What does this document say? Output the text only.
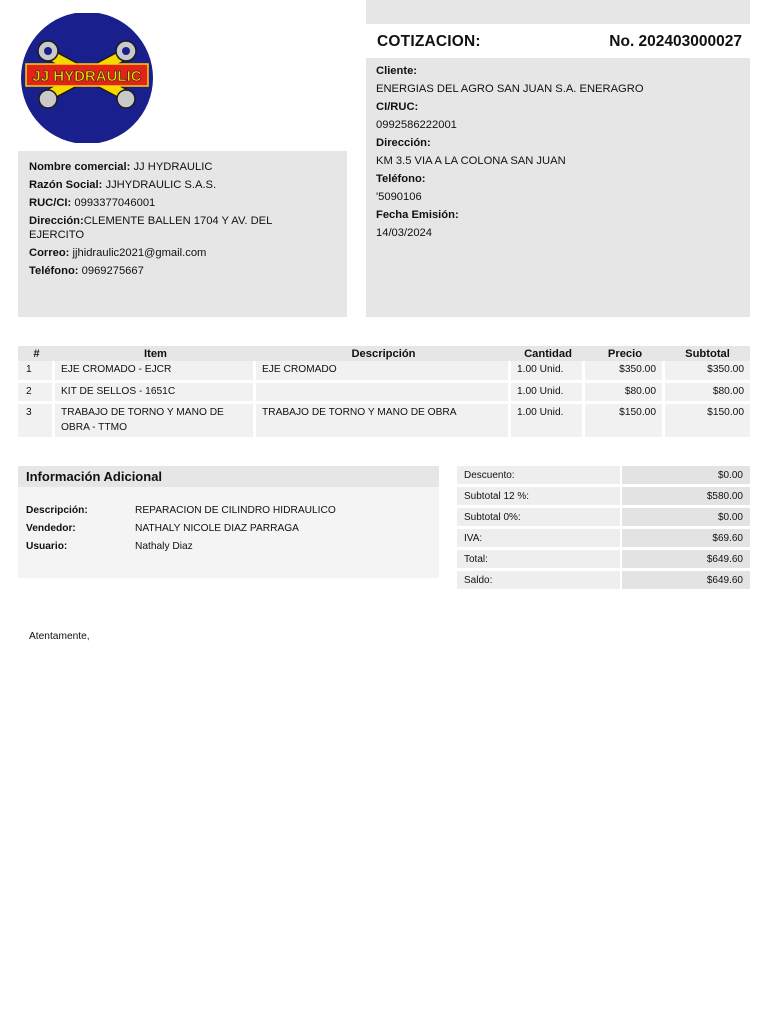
JJ HYDRAULIC
Nombre comercial: JJ HYDRAULIC
Razón Social: JJHYDRAULIC S.A.S.
RUC/CI: 0993377046001
Dirección:CLEMENTE BALLEN 1704 Y AV. DEL EJERCITO
Correo: jjhidraulic2021@gmail.com
Teléfono: 0969275667
COTIZACION:	No. 202403000027
Cliente:
ENERGIAS DEL AGRO SAN JUAN S.A. ENERAGRO
CI/RUC:
0992586222001
Dirección:
KM 3.5 VIA A LA COLONA SAN JUAN
Teléfono:
'5090106
Fecha Emisión:
14/03/2024
#	Item	Descripción	Cantidad	Precio	Subtotal
1	EJE CROMADO - EJCR	EJE CROMADO	1.00 Unid.	$350.00	$350.00
2	KIT DE SELLOS - 1651C		1.00 Unid.	$80.00	$80.00
3	TRABAJO DE TORNO Y MANO DE OBRA - TTMO	TRABAJO DE TORNO Y MANO DE OBRA	1.00 Unid.	$150.00	$150.00
Información Adicional
Descripción:	REPARACION DE CILINDRO HIDRAULICO
Vendedor:	NATHALY NICOLE DIAZ PARRAGA
Usuario:	Nathaly Diaz
Descuento:	$0.00
Subtotal 12 %:	$580.00
Subtotal 0%:	$0.00
IVA:	$69.60
Total:	$649.60
Saldo:	$649.60
Atentamente,
